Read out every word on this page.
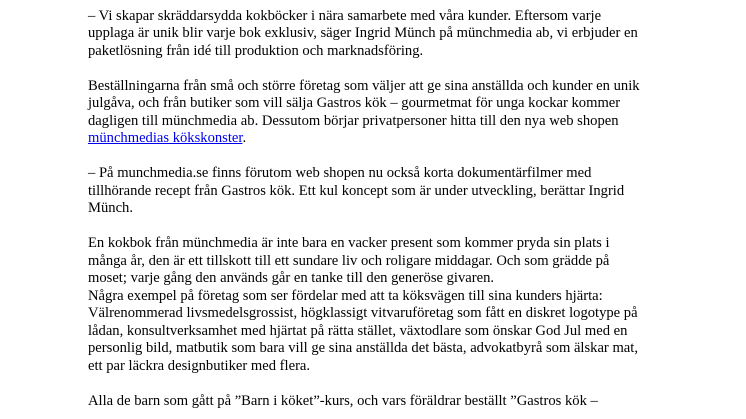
– Vi skapar skräddarsydda kokböcker i nära samarbete med våra kunder. Eftersom varje

upplaga är unik blir varje bok exklusiv, säger Ingrid Münch på münchmedia ab, vi erbjuder en

paketlösning från idé till produktion och marknadsföring.

Beställningarna från små och större företag som väljer att ge sina anställda och kunder en unik

julgåva, och från butiker som vill sälja Gastros kök – gourmetmat för unga kockar kommer

dagligen till münchmedia ab. Dessutom börjar privatpersoner hitta till den nya web shopen

münchmedias kökskonster.

– På munchmedia.se finns förutom web shopen nu också korta dokumentärfilmer med

tillhörande recept från Gastros kök. Ett kul koncept som är under utveckling, berättar Ingrid

Münch.

En kokbok från münchmedia är inte bara en vacker present som kommer pryda sin plats i

många år, den är ett tillskott till ett sundare liv och roligare middagar. Och som grädde på

moset; varje gång den används går en tanke till den generöse givaren.

Några exempel på företag som ser fördelar med att ta köksvägen till sina kunders hjärta:

Välrenommerad livsmedelsgrossist, högklassigt vitvaruföretag som fått en diskret logotype på

lådan, konsultverksamhet med hjärtat på rätta stället, växtodlare som önskar God Jul med en

personlig bild, matbutik som bara vill ge sina anställda det bästa, advokatbyrå som älskar mat,

ett par läckra designbutiker med flera.

Alla de barn som gått på ”Barn i köket”-kurs, och vars föräldrar beställt ”Gastros kök –
